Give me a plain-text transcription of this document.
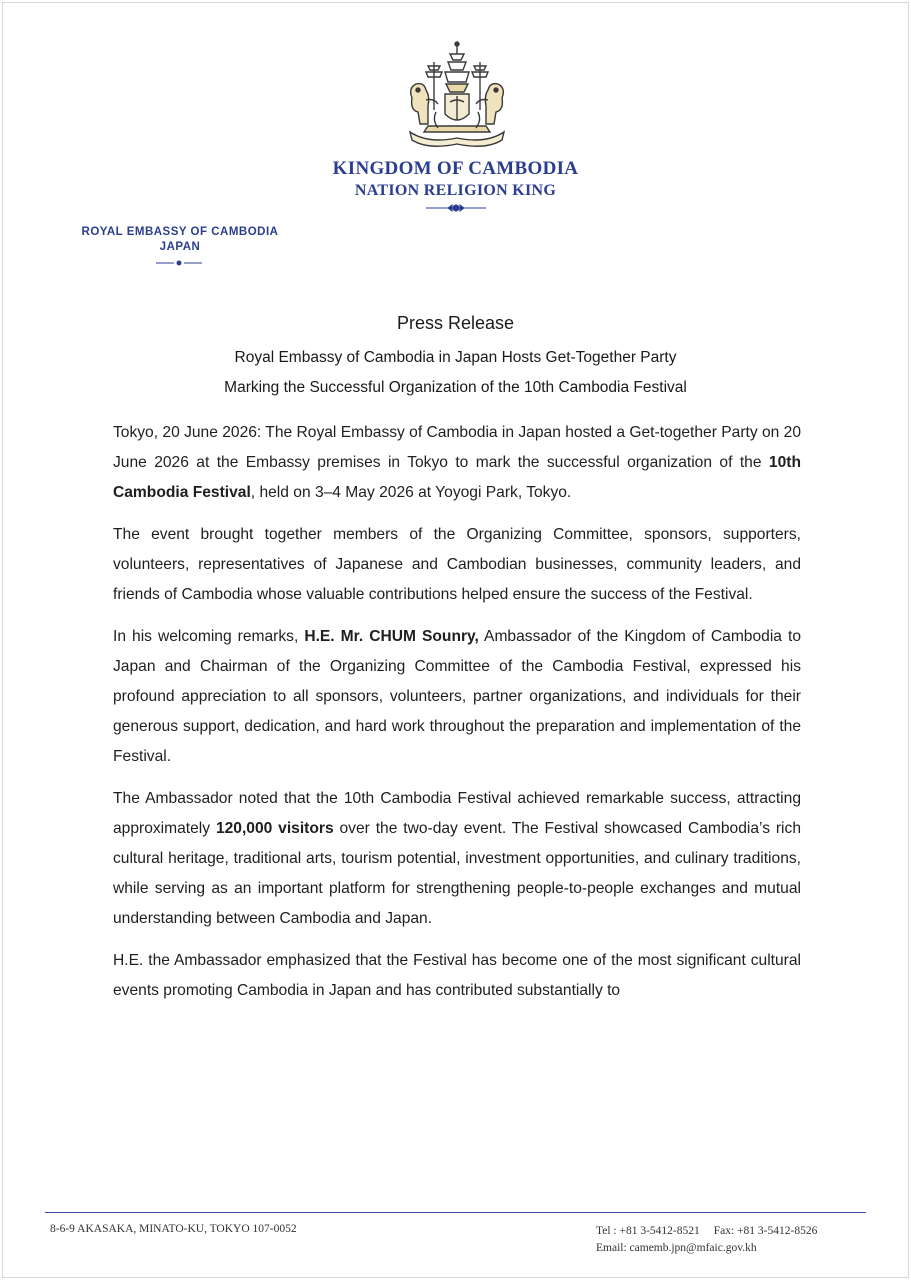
KINGDOM OF CAMBODIA
NATION RELIGION KING
ROYAL EMBASSY OF CAMBODIA
JAPAN
Press Release
Royal Embassy of Cambodia in Japan Hosts Get-Together Party
Marking the Successful Organization of the 10th Cambodia Festival

Tokyo, 20 June 2026: The Royal Embassy of Cambodia in Japan hosted a Get-together Party on 20 June 2026 at the Embassy premises in Tokyo to mark the successful organization of the 10th Cambodia Festival, held on 3–4 May 2026 at Yoyogi Park, Tokyo.

The event brought together members of the Organizing Committee, sponsors, supporters, volunteers, representatives of Japanese and Cambodian businesses, community leaders, and friends of Cambodia whose valuable contributions helped ensure the success of the Festival.

In his welcoming remarks, H.E. Mr. CHUM Sounry, Ambassador of the Kingdom of Cambodia to Japan and Chairman of the Organizing Committee of the Cambodia Festival, expressed his profound appreciation to all sponsors, volunteers, partner organizations, and individuals for their generous support, dedication, and hard work throughout the preparation and implementation of the Festival.

The Ambassador noted that the 10th Cambodia Festival achieved remarkable success, attracting approximately 120,000 visitors over the two-day event. The Festival showcased Cambodia’s rich cultural heritage, traditional arts, tourism potential, investment opportunities, and culinary traditions, while serving as an important platform for strengthening people-to-people exchanges and mutual understanding between Cambodia and Japan.

H.E. the Ambassador emphasized that the Festival has become one of the most significant cultural events promoting Cambodia in Japan and has contributed substantially to

8-6-9 AKASAKA, MINATO-KU, TOKYO 107-0052	Tel : +81 3-5412-8521 Fax: +81 3-5412-8526
Email: camemb.jpn@mfaic.gov.kh
